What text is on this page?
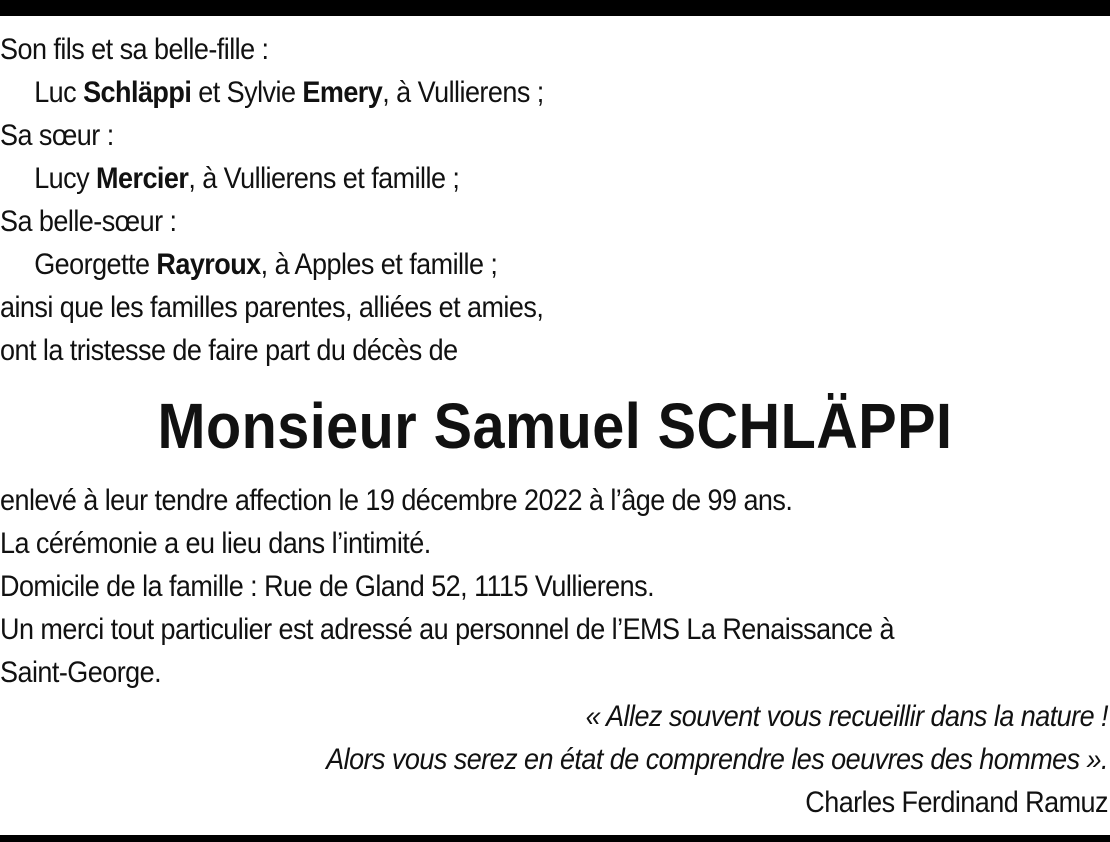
Son fils et sa belle-fille :
Luc Schläppi et Sylvie Emery, à Vullierens ;
Sa sœur :
Lucy Mercier, à Vullierens et famille ;
Sa belle-sœur :
Georgette Rayroux, à Apples et famille ;
ainsi que les familles parentes, alliées et amies,
ont la tristesse de faire part du décès de
Monsieur Samuel SCHLÄPPI
enlevé à leur tendre affection le 19 décembre 2022 à l’âge de 99 ans.
La cérémonie a eu lieu dans l’intimité.
Domicile de la famille : Rue de Gland 52, 1115 Vullierens.
Un merci tout particulier est adressé au personnel de l’EMS La Renaissance à
Saint-George.
« Allez souvent vous recueillir dans la nature !
Alors vous serez en état de comprendre les oeuvres des hommes ».
Charles Ferdinand Ramuz
